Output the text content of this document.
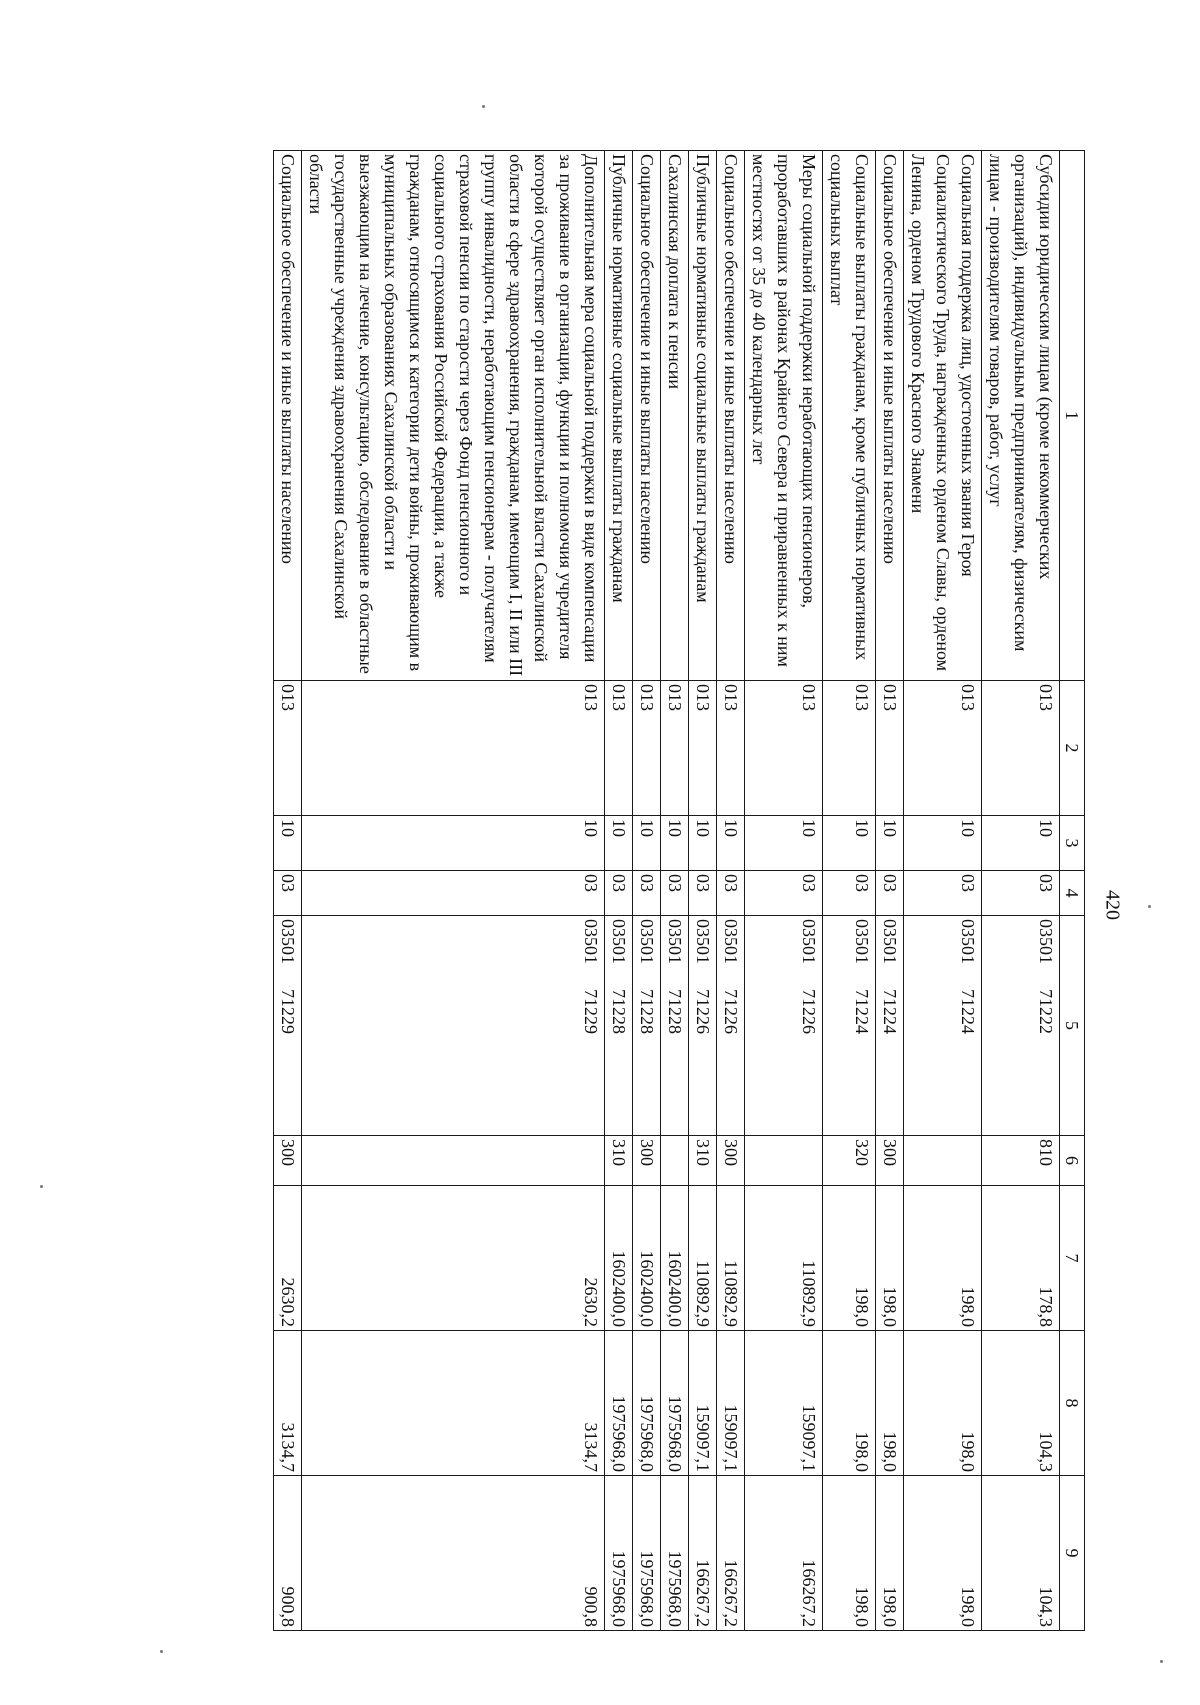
420
1	2	3	4	5	6	7	8	9
Субсидии юридическим лицам (кроме некоммерческих организаций), индивидуальным предпринимателям, физическим лицам - производителям товаров, работ, услуг	013	10	03	0350171222	810	178,8	104,3	104,3
Социальная поддержка лиц, удостоенных звания Героя Социалистического Труда, награжденных орденом Славы, орденом Ленина, орденом Трудового Красного Знамени	013	10	03	0350171224		198,0	198,0	198,0
Социальное обеспечение и иные выплаты населению	013	10	03	0350171224	300	198,0	198,0	198,0
Социальные выплаты гражданам, кроме публичных нормативных социальных выплат	013	10	03	0350171224	320	198,0	198,0	198,0
Меры социальной поддержки неработающих пенсионеров, проработавших в районах Крайнего Севера и приравненных к ним местностях от 35 до 40 календарных лет	013	10	03	0350171226		110892,9	159097,1	166267,2
Социальное обеспечение и иные выплаты населению	013	10	03	0350171226	300	110892,9	159097,1	166267,2
Публичные нормативные социальные выплаты гражданам	013	10	03	0350171226	310	110892,9	159097,1	166267,2
Сахалинская доплата к пенсии	013	10	03	0350171228		1602400,0	1975968,0	1975968,0
Социальное обеспечение и иные выплаты населению	013	10	03	0350171228	300	1602400,0	1975968,0	1975968,0
Публичные нормативные социальные выплаты гражданам	013	10	03	0350171228	310	1602400,0	1975968,0	1975968,0
Дополнительная мера социальной поддержки в виде компенсации за проживание в организации, функции и полномочия учредителя которой осуществляет орган исполнительной власти Сахалинской области в сфере здравоохранения, гражданам, имеющим I, II или III группу инвалидности, неработающим пенсионерам - получателям страховой пенсии по старости через Фонд пенсионного и социального страхования Российской Федерации, а также гражданам, относящимся к категории дети войны, проживающим в муниципальных образованиях Сахалинской области и выезжающим на лечение, консультацию, обследование в областные государственные учреждения здравоохранения Сахалинской области	013	10	03	0350171229		2630,2	3134,7	900,8
Социальное обеспечение и иные выплаты населению	013	10	03	0350171229	300	2630,2	3134,7	900,8
